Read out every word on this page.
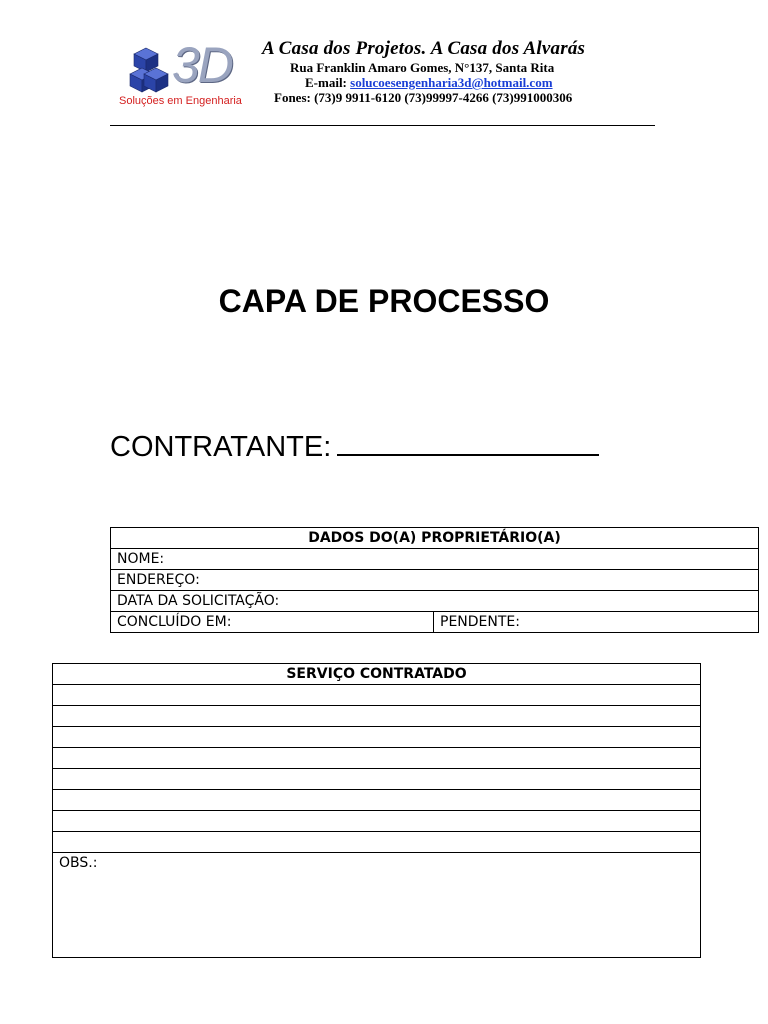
3D
Soluções em Engenharia
A Casa dos Projetos. A Casa dos Alvarás
Rua Franklin Amaro Gomes, N°137, Santa Rita
E-mail: solucoesengenharia3d@hotmail.com
Fones: (73)9 9911-6120 (73)99997-4266 (73)991000306
CAPA DE PROCESSO
CONTRATANTE:
DADOS DO(A) PROPRIETÁRIO(A)
NOME:
ENDEREÇO:
DATA DA SOLICITAÇÃO:
CONCLUÍDO EM:	PENDENTE:
SERVIÇO CONTRATADO

OBS.:
